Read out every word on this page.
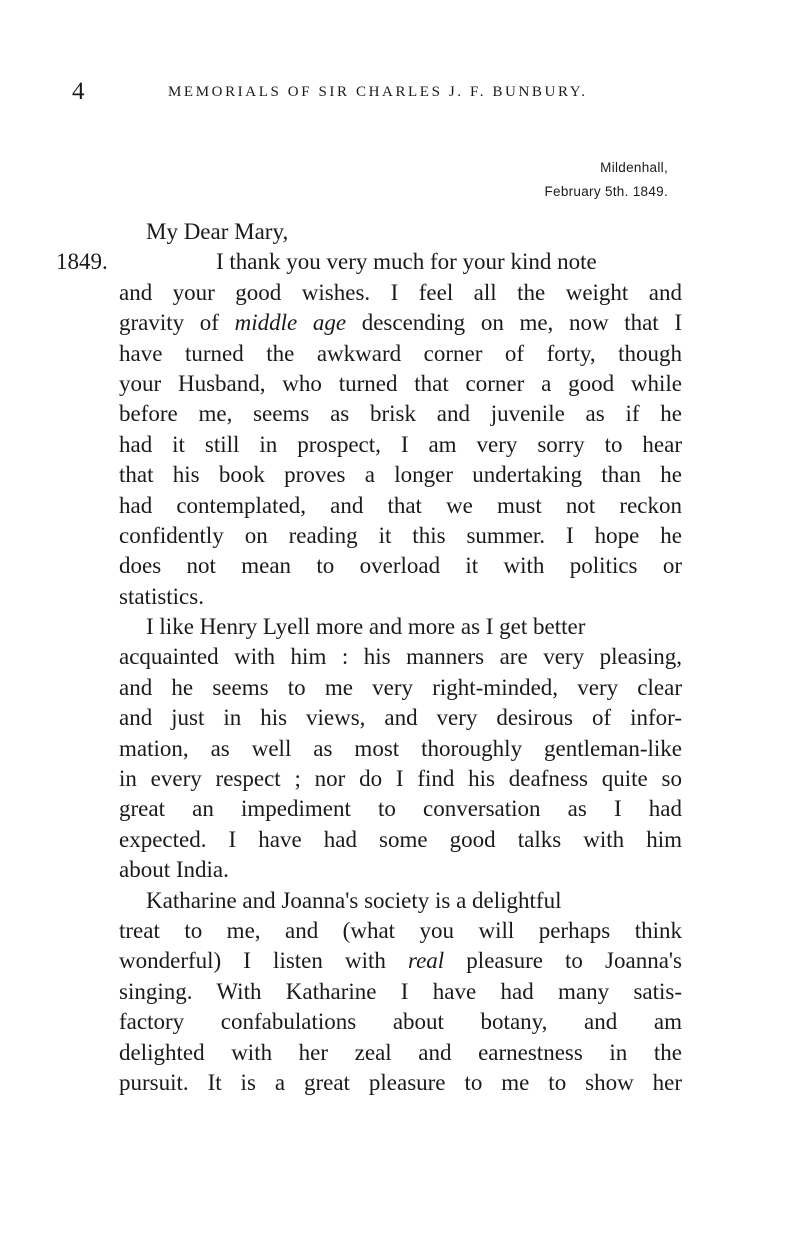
4	MEMORIALS OF SIR CHARLES J. F. BUNBURY.
Mildenhall,
February 5th. 1849.
1849.
My Dear Mary,
I thank you very much for your kind note
and your good wishes. I feel all the weight and
gravity of middle age descending on me, now that I
have turned the awkward corner of forty, though
your Husband, who turned that corner a good while
before me, seems as brisk and juvenile as if he
had it still in prospect, I am very sorry to hear
that his book proves a longer undertaking than he
had contemplated, and that we must not reckon
confidently on reading it this summer. I hope he
does not mean to overload it with politics or
statistics.
I like Henry Lyell more and more as I get better
acquainted with him : his manners are very pleasing,
and he seems to me very right-minded, very clear
and just in his views, and very desirous of infor-
mation, as well as most thoroughly gentleman-like
in every respect ; nor do I find his deafness quite so
great an impediment to conversation as I had
expected. I have had some good talks with him
about India.
Katharine and Joanna's society is a delightful
treat to me, and (what you will perhaps think
wonderful) I listen with real pleasure to Joanna's
singing. With Katharine I have had many satis-
factory confabulations about botany, and am
delighted with her zeal and earnestness in the
pursuit. It is a great pleasure to me to show her
